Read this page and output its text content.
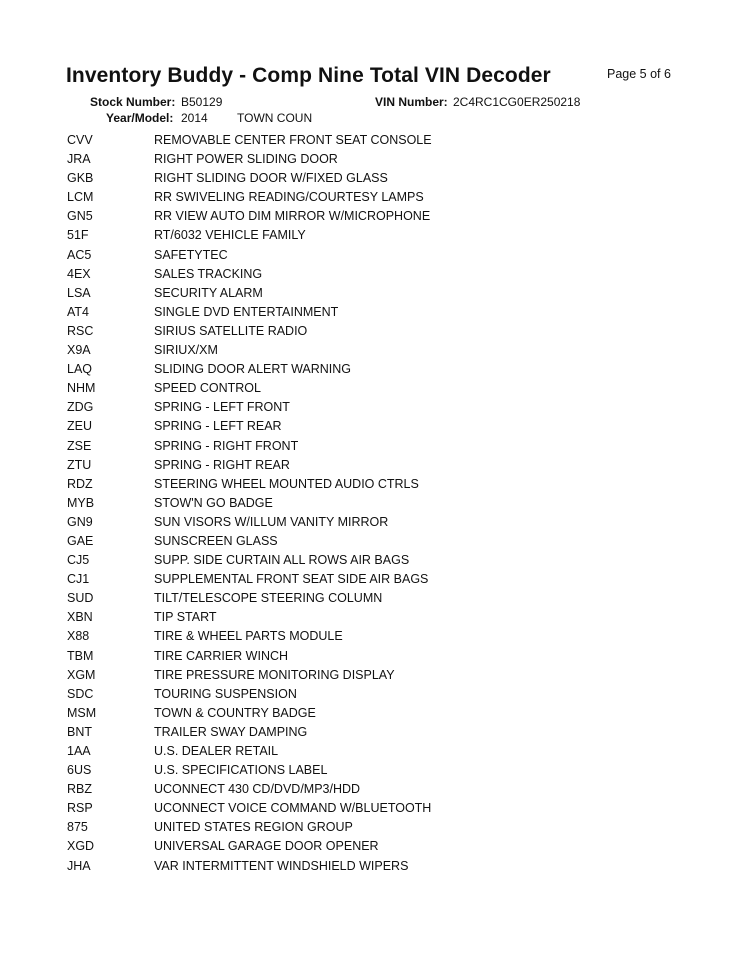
Inventory Buddy - Comp Nine Total VIN Decoder	Page 5 of 6
Stock Number: B50129	VIN Number: 2C4RC1CG0ER250218
Year/Model: 2014 TOWN COUN
CVV	REMOVABLE CENTER FRONT SEAT CONSOLE
JRA	RIGHT POWER SLIDING DOOR
GKB	RIGHT SLIDING DOOR W/FIXED GLASS
LCM	RR SWIVELING READING/COURTESY LAMPS
GN5	RR VIEW AUTO DIM MIRROR W/MICROPHONE
51F	RT/6032 VEHICLE FAMILY
AC5	SAFETYTEC
4EX	SALES TRACKING
LSA	SECURITY ALARM
AT4	SINGLE DVD ENTERTAINMENT
RSC	SIRIUS SATELLITE RADIO
X9A	SIRIUX/XM
LAQ	SLIDING DOOR ALERT WARNING
NHM	SPEED CONTROL
ZDG	SPRING - LEFT FRONT
ZEU	SPRING - LEFT REAR
ZSE	SPRING - RIGHT FRONT
ZTU	SPRING - RIGHT REAR
RDZ	STEERING WHEEL MOUNTED AUDIO CTRLS
MYB	STOW'N GO BADGE
GN9	SUN VISORS W/ILLUM VANITY MIRROR
GAE	SUNSCREEN GLASS
CJ5	SUPP. SIDE CURTAIN ALL ROWS AIR BAGS
CJ1	SUPPLEMENTAL FRONT SEAT SIDE AIR BAGS
SUD	TILT/TELESCOPE STEERING COLUMN
XBN	TIP START
X88	TIRE & WHEEL PARTS MODULE
TBM	TIRE CARRIER WINCH
XGM	TIRE PRESSURE MONITORING DISPLAY
SDC	TOURING SUSPENSION
MSM	TOWN & COUNTRY BADGE
BNT	TRAILER SWAY DAMPING
1AA	U.S. DEALER RETAIL
6US	U.S. SPECIFICATIONS LABEL
RBZ	UCONNECT 430 CD/DVD/MP3/HDD
RSP	UCONNECT VOICE COMMAND W/BLUETOOTH
875	UNITED STATES REGION GROUP
XGD	UNIVERSAL GARAGE DOOR OPENER
JHA	VAR INTERMITTENT WINDSHIELD WIPERS
